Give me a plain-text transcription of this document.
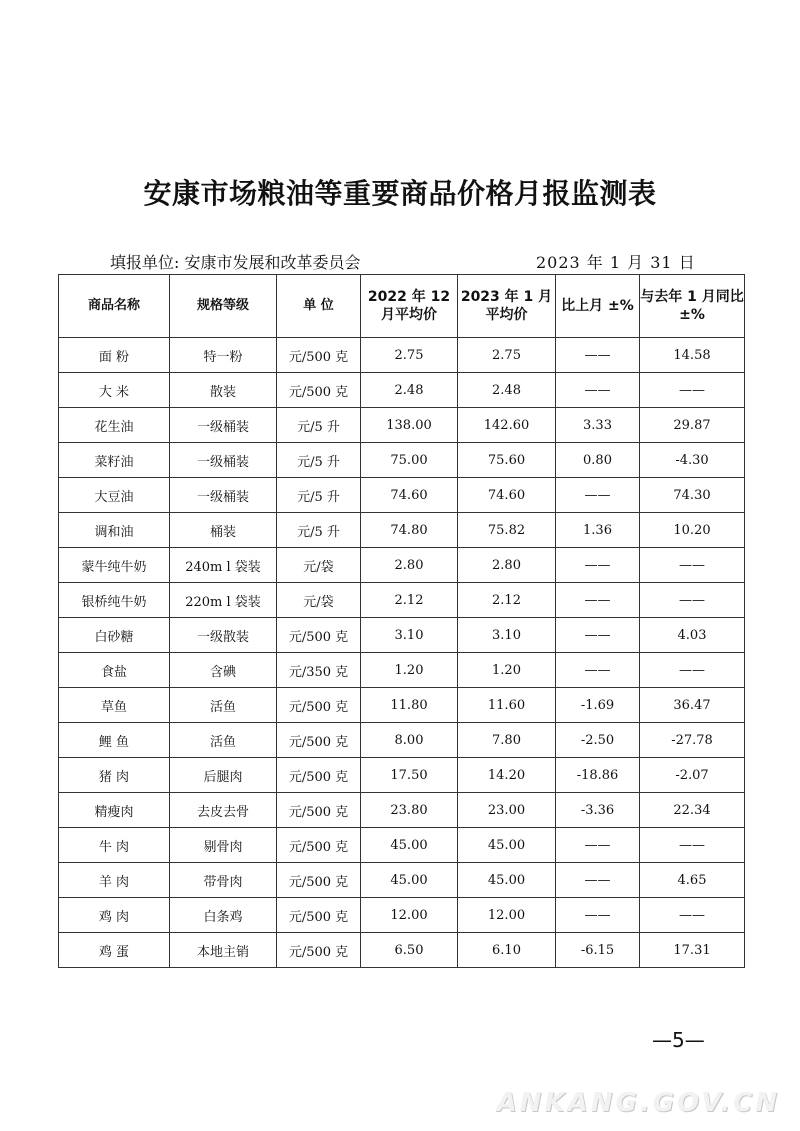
安康市场粮油等重要商品价格月报监测表
填报单位: 安康市发展和改革委员会	2023 年 1 月 31 日
商品名称	规格等级	单 位	2022 年 12 月平均价	2023 年 1 月平均价	比上月 ±%	与去年 1 月同比±%
面 粉	特一粉	元/500 克	2.75	2.75	——	14.58
大 米	散装	元/500 克	2.48	2.48	——	——
花生油	一级桶装	元/5 升	138.00	142.60	3.33	29.87
菜籽油	一级桶装	元/5 升	75.00	75.60	0.80	-4.30
大豆油	一级桶装	元/5 升	74.60	74.60	——	74.30
调和油	桶装	元/5 升	74.80	75.82	1.36	10.20
蒙牛纯牛奶	240m l 袋装	元/袋	2.80	2.80	——	——
银桥纯牛奶	220m l 袋装	元/袋	2.12	2.12	——	——
白砂糖	一级散装	元/500 克	3.10	3.10	——	4.03
食盐	含碘	元/350 克	1.20	1.20	——	——
草鱼	活鱼	元/500 克	11.80	11.60	-1.69	36.47
鲤 鱼	活鱼	元/500 克	8.00	7.80	-2.50	-27.78
猪 肉	后腿肉	元/500 克	17.50	14.20	-18.86	-2.07
精瘦肉	去皮去骨	元/500 克	23.80	23.00	-3.36	22.34
牛 肉	剔骨肉	元/500 克	45.00	45.00	——	——
羊 肉	带骨肉	元/500 克	45.00	45.00	——	4.65
鸡 肉	白条鸡	元/500 克	12.00	12.00	——	——
鸡 蛋	本地主销	元/500 克	6.50	6.10	-6.15	17.31
—5—
ANKANG.GOV.CN
